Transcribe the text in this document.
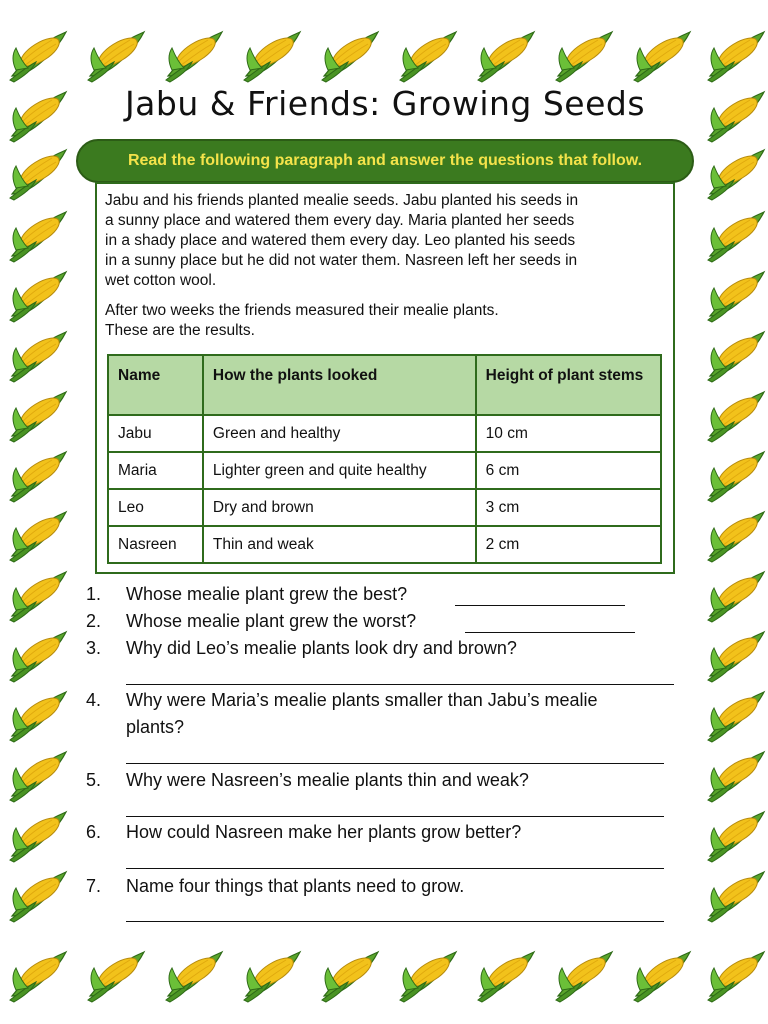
Jabu & Friends: Growing Seeds
Read the following paragraph and answer the questions that follow.
Jabu and his friends planted mealie seeds. Jabu planted his seeds in
a sunny place and watered them every day. Maria planted her seeds
in a shady place and watered them every day. Leo planted his seeds
in a sunny place but he did not water them. Nasreen left her seeds in
wet cotton wool.
After two weeks the friends measured their mealie plants.
These are the results.
Name	How the plants looked	Height of plant stems
Jabu	Green and healthy	10 cm
Maria	Lighter green and quite healthy	6 cm
Leo	Dry and brown	3 cm
Nasreen	Thin and weak	2 cm
1. Whose mealie plant grew the best?
2. Whose mealie plant grew the worst?
3. Why did Leo’s mealie plants look dry and brown?
4. Why were Maria’s mealie plants smaller than Jabu’s mealie
plants?
5. Why were Nasreen’s mealie plants thin and weak?
6. How could Nasreen make her plants grow better?
7. Name four things that plants need to grow.
